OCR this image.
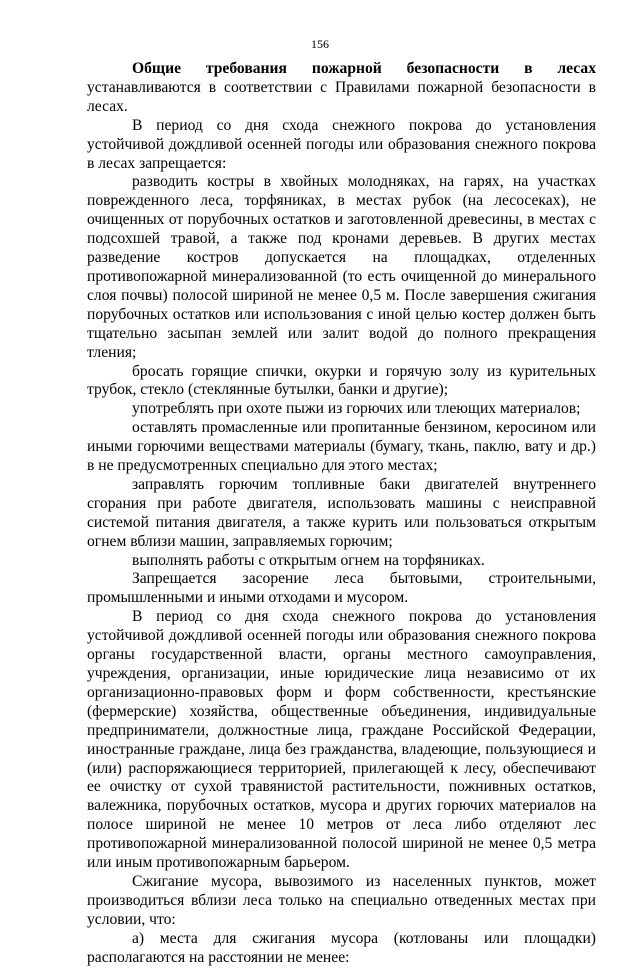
156

Общие требования пожарной безопасности в лесах устанавливаются в соответствии с Правилами пожарной безопасности в лесах.

В период со дня схода снежного покрова до установления устойчивой дождливой осенней погоды или образования снежного покрова в лесах запрещается:

разводить костры в хвойных молодняках, на гарях, на участках поврежденного леса, торфяниках, в местах рубок (на лесосеках), не очищенных от порубочных остатков и заготовленной древесины, в местах с подсохшей травой, а также под кронами деревьев. В других местах разведение костров допускается на площадках, отделенных противопожарной минерализованной (то есть очищенной до минерального слоя почвы) полосой шириной не менее 0,5 м. После завершения сжигания порубочных остатков или использования с иной целью костер должен быть тщательно засыпан землей или залит водой до полного прекращения тления;

бросать горящие спички, окурки и горячую золу из курительных трубок, стекло (стеклянные бутылки, банки и другие);

употреблять при охоте пыжи из горючих или тлеющих материалов;

оставлять промасленные или пропитанные бензином, керосином или иными горючими веществами материалы (бумагу, ткань, паклю, вату и др.) в не предусмотренных специально для этого местах;

заправлять горючим топливные баки двигателей внутреннего сгорания при работе двигателя, использовать машины с неисправной системой питания двигателя, а также курить или пользоваться открытым огнем вблизи машин, заправляемых горючим;

выполнять работы с открытым огнем на торфяниках.

Запрещается засорение леса бытовыми, строительными, промышленными и иными отходами и мусором.

В период со дня схода снежного покрова до установления устойчивой дождливой осенней погоды или образования снежного покрова органы государственной власти, органы местного самоуправления, учреждения, организации, иные юридические лица независимо от их организационно-правовых форм и форм собственности, крестьянские (фермерские) хозяйства, общественные объединения, индивидуальные предприниматели, должностные лица, граждане Российской Федерации, иностранные граждане, лица без гражданства, владеющие, пользующиеся и (или) распоряжающиеся территорией, прилегающей к лесу, обеспечивают ее очистку от сухой травянистой растительности, пожнивных остатков, валежника, порубочных остатков, мусора и других горючих материалов на полосе шириной не менее 10 метров от леса либо отделяют лес противопожарной минерализованной полосой шириной не менее 0,5 метра или иным противопожарным барьером.

Сжигание мусора, вывозимого из населенных пунктов, может производиться вблизи леса только на специально отведенных местах при условии, что:

а) места для сжигания мусора (котлованы или площадки) располагаются на расстоянии не менее:
